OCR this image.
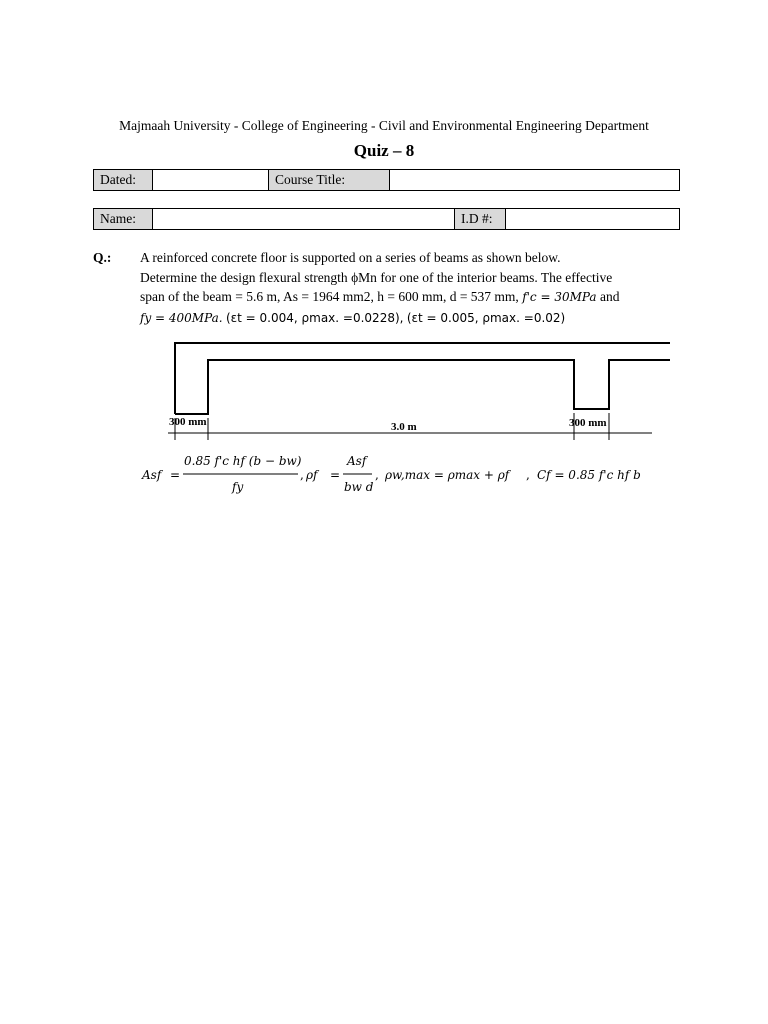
Majmaah University - College of Engineering - Civil and Environmental Engineering Department
Quiz – 8
Dated:		Course Title:	
Name:		I.D #:	
Q.: A reinforced concrete floor is supported on a series of beams as shown below.
Determine the design flexural strength ϕMn for one of the interior beams. The effective
span of the beam = 5.6 m, As = 1964 mm2, h = 600 mm, d = 537 mm, f'c = 30MPa and
fy = 400MPa. (εt = 0.004, ρmax. =0.0228), (εt = 0.005, ρmax. =0.02)
300 mm	3.0 m	300 mm
Asf =
0.85 f'c hf (b − bw)
fy
, ρf =
Asf
bw d
, ρw,max = ρmax + ρf , Cf = 0.85 f'c hf b
